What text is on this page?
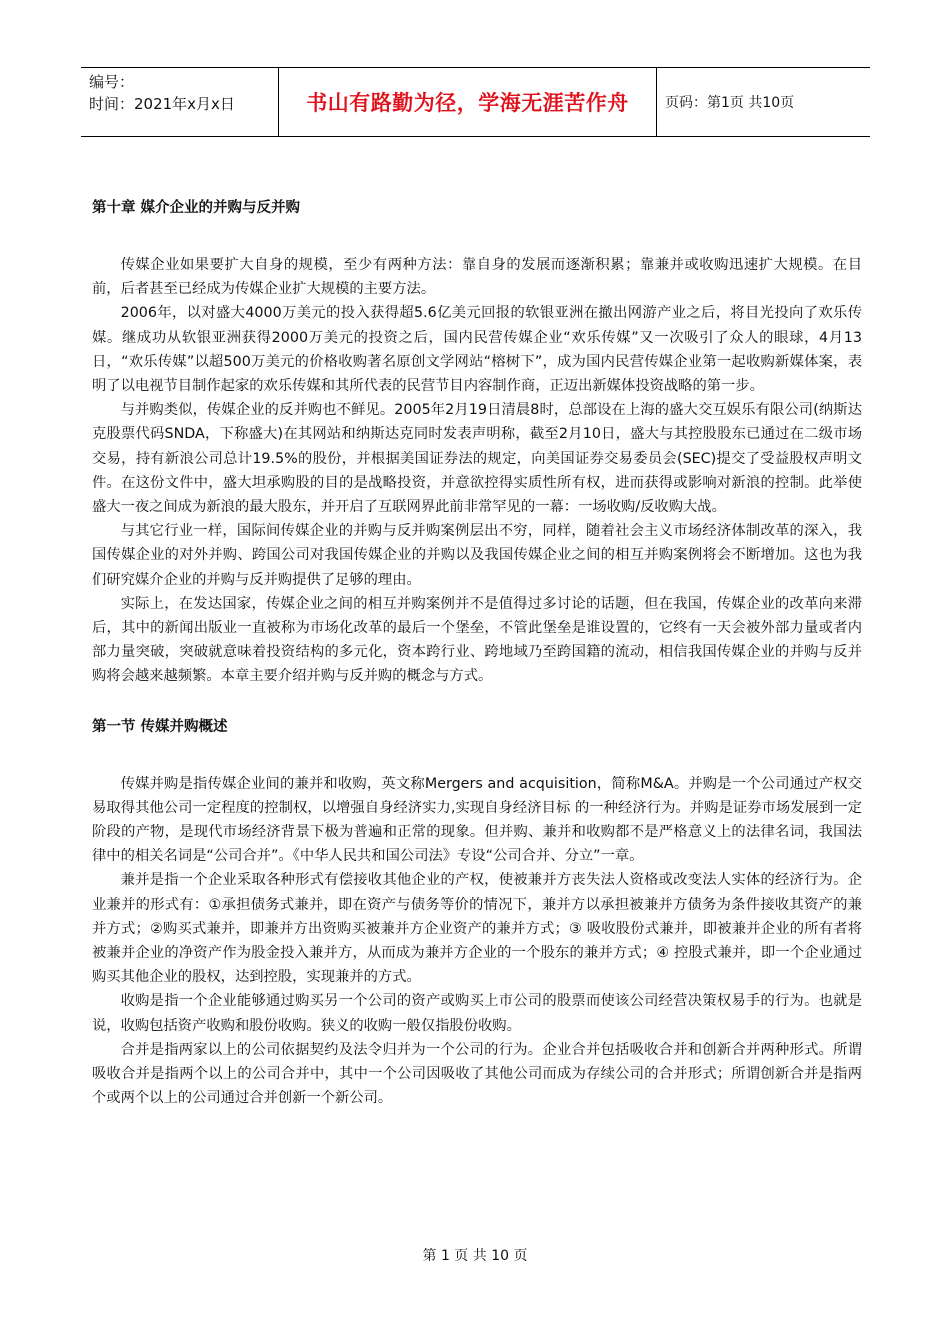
编号：
时间：2021年x月x日	书山有路勤为径，学海无涯苦作舟	页码：第1页 共10页
第十章 媒介企业的并购与反并购

传媒企业如果要扩大自身的规模，至少有两种方法：靠自身的发展而逐渐积累；靠兼并或收购迅速扩大规模。在目前，后者甚至已经成为传媒企业扩大规模的主要方法。

2006年，以对盛大4000万美元的投入获得超5.6亿美元回报的软银亚洲在撤出网游产业之后，将目光投向了欢乐传媒。继成功从软银亚洲获得2000万美元的投资之后，国内民营传媒企业“欢乐传媒”又一次吸引了众人的眼球，4月13日，“欢乐传媒”以超500万美元的价格收购著名原创文学网站“榕树下”，成为国内民营传媒企业第一起收购新媒体案，表明了以电视节目制作起家的欢乐传媒和其所代表的民营节目内容制作商，正迈出新媒体投资战略的第一步。

与并购类似，传媒企业的反并购也不鲜见。2005年2月19日清晨8时，总部设在上海的盛大交互娱乐有限公司(纳斯达克股票代码SNDA，下称盛大)在其网站和纳斯达克同时发表声明称，截至2月10日，盛大与其控股股东已通过在二级市场交易，持有新浪公司总计19.5%的股份，并根据美国证券法的规定，向美国证券交易委员会(SEC)提交了受益股权声明文件。在这份文件中，盛大坦承购股的目的是战略投资，并意欲控得实质性所有权，进而获得或影响对新浪的控制。此举使盛大一夜之间成为新浪的最大股东，并开启了互联网界此前非常罕见的一幕：一场收购/反收购大战。

与其它行业一样，国际间传媒企业的并购与反并购案例层出不穷，同样，随着社会主义市场经济体制改革的深入，我国传媒企业的对外并购、跨国公司对我国传媒企业的并购以及我国传媒企业之间的相互并购案例将会不断增加。这也为我们研究媒介企业的并购与反并购提供了足够的理由。

实际上，在发达国家，传媒企业之间的相互并购案例并不是值得过多讨论的话题，但在我国，传媒企业的改革向来滞后，其中的新闻出版业一直被称为市场化改革的最后一个堡垒，不管此堡垒是谁设置的，它终有一天会被外部力量或者内部力量突破，突破就意味着投资结构的多元化，资本跨行业、跨地域乃至跨国籍的流动，相信我国传媒企业的并购与反并购将会越来越频繁。本章主要介绍并购与反并购的概念与方式。

第一节 传媒并购概述

传媒并购是指传媒企业间的兼并和收购，英文称Mergers and acquisition，简称M&A。并购是一个公司通过产权交易取得其他公司一定程度的控制权，以增强自身经济实力,实现自身经济目标 的一种经济行为。并购是证券市场发展到一定阶段的产物，是现代市场经济背景下极为普遍和正常的现象。但并购、兼并和收购都不是严格意义上的法律名词，我国法律中的相关名词是“公司合并”。《中华人民共和国公司法》专设“公司合并、分立”一章。

兼并是指一个企业采取各种形式有偿接收其他企业的产权，使被兼并方丧失法人资格或改变法人实体的经济行为。企业兼并的形式有：①承担债务式兼并，即在资产与债务等价的情况下，兼并方以承担被兼并方债务为条件接收其资产的兼并方式；②购买式兼并，即兼并方出资购买被兼并方企业资产的兼并方式；③ 吸收股份式兼并，即被兼并企业的所有者将被兼并企业的净资产作为股金投入兼并方，从而成为兼并方企业的一个股东的兼并方式；④ 控股式兼并，即一个企业通过购买其他企业的股权，达到控股，实现兼并的方式。

收购是指一个企业能够通过购买另一个公司的资产或购买上市公司的股票而使该公司经营决策权易手的行为。也就是说，收购包括资产收购和股份收购。狭义的收购一般仅指股份收购。

合并是指两家以上的公司依据契约及法令归并为一个公司的行为。企业合并包括吸收合并和创新合并两种形式。所谓吸收合并是指两个以上的公司合并中，其中一个公司因吸收了其他公司而成为存续公司的合并形式；所谓创新合并是指两个或两个以上的公司通过合并创新一个新公司。

第 1 页 共 10 页
